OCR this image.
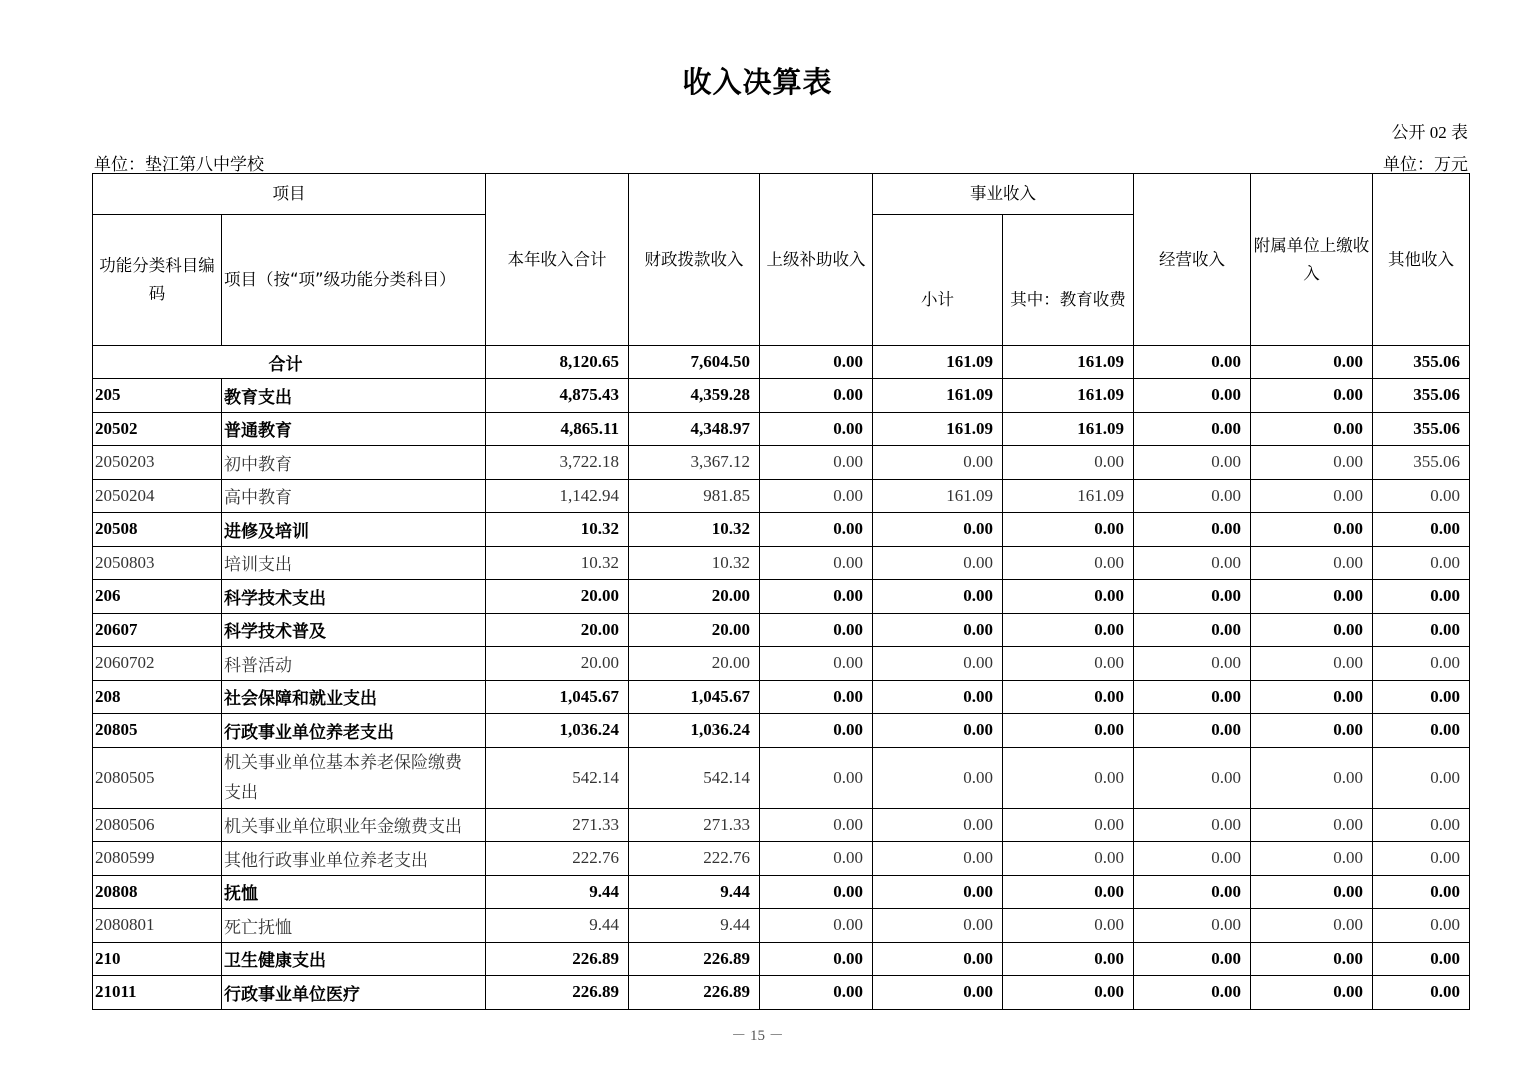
收入决算表
公开 02 表
单位：垫江第八中学校	单位：万元
项目		本年收入合计	财政拨款收入	上级补助收入	事业收入		经营收入	附属单位上缴收入	其他收入
功能分类科目编码	项目（按“项”级功能分类科目）				小计	其中：教育收费			
合计		8,120.65	7,604.50	0.00	161.09	161.09	0.00	0.00	355.06
205	教育支出	4,875.43	4,359.28	0.00	161.09	161.09	0.00	0.00	355.06
20502	普通教育	4,865.11	4,348.97	0.00	161.09	161.09	0.00	0.00	355.06
2050203	初中教育	3,722.18	3,367.12	0.00	0.00	0.00	0.00	0.00	355.06
2050204	高中教育	1,142.94	981.85	0.00	161.09	161.09	0.00	0.00	0.00
20508	进修及培训	10.32	10.32	0.00	0.00	0.00	0.00	0.00	0.00
2050803	培训支出	10.32	10.32	0.00	0.00	0.00	0.00	0.00	0.00
206	科学技术支出	20.00	20.00	0.00	0.00	0.00	0.00	0.00	0.00
20607	科学技术普及	20.00	20.00	0.00	0.00	0.00	0.00	0.00	0.00
2060702	科普活动	20.00	20.00	0.00	0.00	0.00	0.00	0.00	0.00
208	社会保障和就业支出	1,045.67	1,045.67	0.00	0.00	0.00	0.00	0.00	0.00
20805	行政事业单位养老支出	1,036.24	1,036.24	0.00	0.00	0.00	0.00	0.00	0.00
2080505	机关事业单位基本养老保险缴费支出	542.14	542.14	0.00	0.00	0.00	0.00	0.00	0.00
2080506	机关事业单位职业年金缴费支出	271.33	271.33	0.00	0.00	0.00	0.00	0.00	0.00
2080599	其他行政事业单位养老支出	222.76	222.76	0.00	0.00	0.00	0.00	0.00	0.00
20808	抚恤	9.44	9.44	0.00	0.00	0.00	0.00	0.00	0.00
2080801	死亡抚恤	9.44	9.44	0.00	0.00	0.00	0.00	0.00	0.00
210	卫生健康支出	226.89	226.89	0.00	0.00	0.00	0.00	0.00	0.00
21011	行政事业单位医疗	226.89	226.89	0.00	0.00	0.00	0.00	0.00	0.00
－ 15 －
